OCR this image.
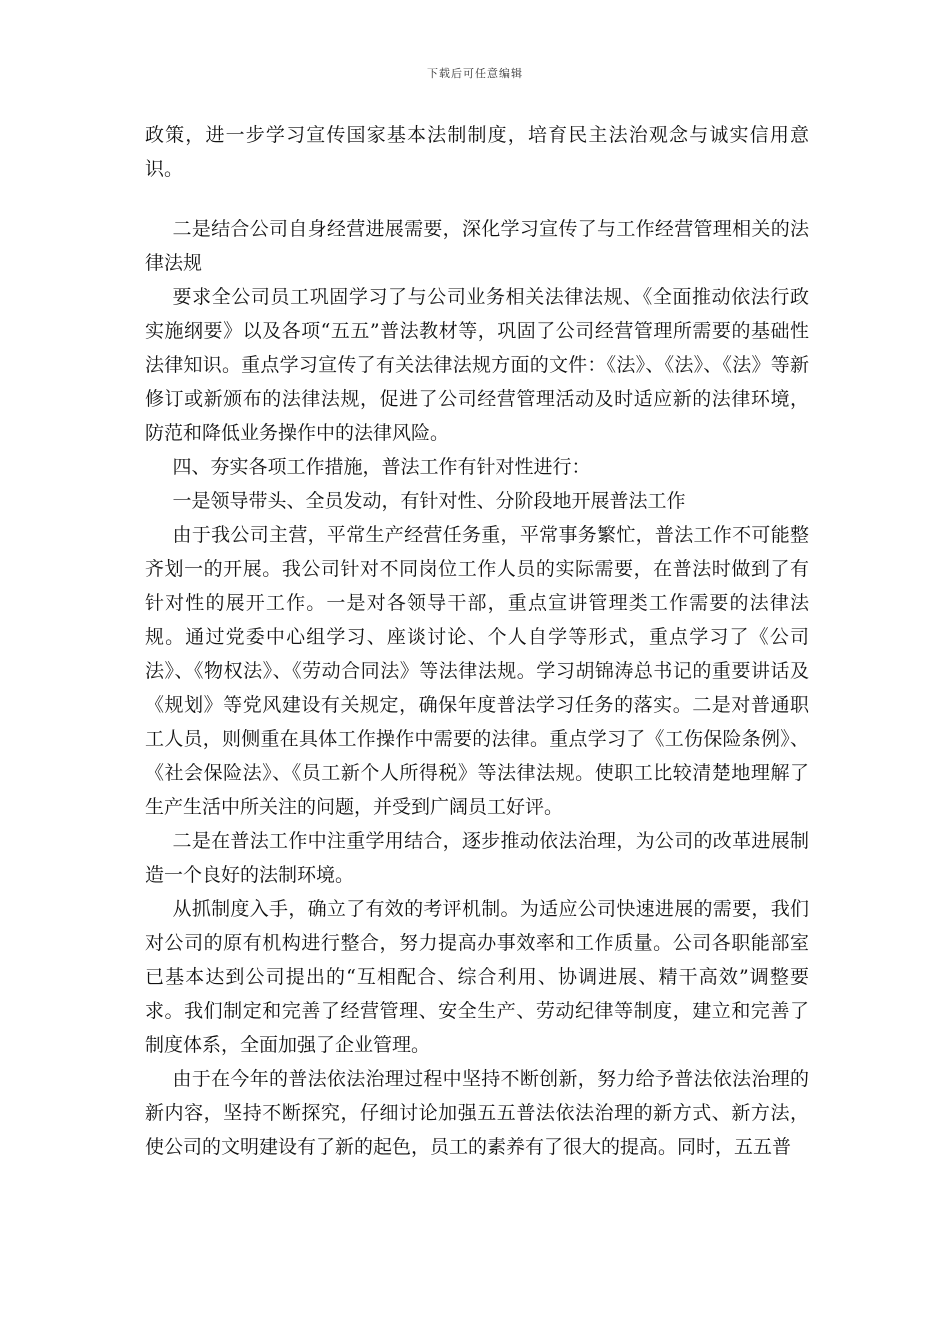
下载后可任意编辑

政策，进一步学习宣传国家基本法制制度，培育民主法治观念与诚实信用意识。

二是结合公司自身经营进展需要，深化学习宣传了与工作经营管理相关的法律法规

要求全公司员工巩固学习了与公司业务相关法律法规、《全面推动依法行政实施纲要》以及各项“五五”普法教材等，巩固了公司经营管理所需要的基础性法律知识。重点学习宣传了有关法律法规方面的文件：《法》、《法》、《法》等新修订或新颁布的法律法规，促进了公司经营管理活动及时适应新的法律环境，防范和降低业务操作中的法律风险。

四、夯实各项工作措施，普法工作有针对性进行：

一是领导带头、全员发动，有针对性、分阶段地开展普法工作

由于我公司主营，平常生产经营任务重，平常事务繁忙，普法工作不可能整齐划一的开展。我公司针对不同岗位工作人员的实际需要，在普法时做到了有针对性的展开工作。一是对各领导干部，重点宣讲管理类工作需要的法律法规。通过党委中心组学习、座谈讨论、个人自学等形式，重点学习了《公司法》、《物权法》、《劳动合同法》等法律法规。学习胡锦涛总书记的重要讲话及《规划》等党风建设有关规定，确保年度普法学习任务的落实。二是对普通职工人员，则侧重在具体工作操作中需要的法律。重点学习了《工伤保险条例》、《社会保险法》、《员工新个人所得税》等法律法规。使职工比较清楚地理解了生产生活中所关注的问题，并受到广阔员工好评。

二是在普法工作中注重学用结合，逐步推动依法治理，为公司的改革进展制造一个良好的法制环境。

从抓制度入手，确立了有效的考评机制。为适应公司快速进展的需要，我们对公司的原有机构进行整合，努力提高办事效率和工作质量。公司各职能部室已基本达到公司提出的“互相配合、综合利用、协调进展、精干高效”调整要求。我们制定和完善了经营管理、安全生产、劳动纪律等制度，建立和完善了制度体系，全面加强了企业管理。

由于在今年的普法依法治理过程中坚持不断创新，努力给予普法依法治理的新内容，坚持不断探究，仔细讨论加强五五普法依法治理的新方式、新方法，使公司的文明建设有了新的起色，员工的素养有了很大的提高。同时，五五普
